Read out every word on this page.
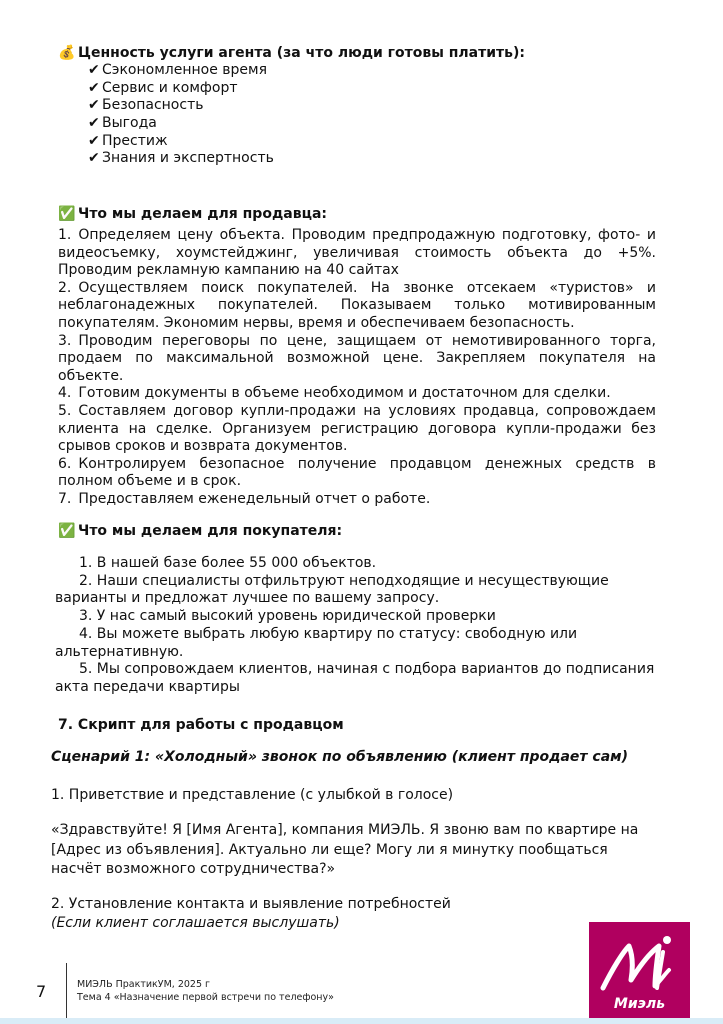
💰 Ценность услуги агента (за что люди готовы платить):
✔ Сэкономленное время
✔ Сервис и комфорт
✔ Безопасность
✔ Выгода
✔ Престиж
✔ Знания и экспертность
✅ Что мы делаем для продавца:
1. Определяем цену объекта. Проводим предпродажную подготовку, фото- и видеосъемку, хоумстейджинг, увеличивая стоимость объекта до +5%. Проводим рекламную кампанию на 40 сайтах
2. Осуществляем поиск покупателей. На звонке отсекаем «туристов» и неблагонадежных покупателей. Показываем только мотивированным покупателям. Экономим нервы, время и обеспечиваем безопасность.
3. Проводим переговоры по цене, защищаем от немотивированного торга, продаем по максимальной возможной цене. Закрепляем покупателя на объекте.
4. Готовим документы в объеме необходимом и достаточном для сделки.
5. Составляем договор купли-продажи на условиях продавца, сопровождаем клиента на сделке. Организуем регистрацию договора купли-продажи без срывов сроков и возврата документов.
6. Контролируем безопасное получение продавцом денежных средств в полном объеме и в срок.
7. Предоставляем еженедельный отчет о работе.
✅ Что мы делаем для покупателя:
1. В нашей базе более 55 000 объектов.
2. Наши специалисты отфильтруют неподходящие и несуществующие варианты и предложат лучшее по вашему запросу.
3. У нас самый высокий уровень юридической проверки
4. Вы можете выбрать любую квартиру по статусу: свободную или альтернативную.
5. Мы сопровождаем клиентов, начиная с подбора вариантов до подписания акта передачи квартиры
7. Скрипт для работы с продавцом
Сценарий 1: «Холодный» звонок по объявлению (клиент продает сам)
1. Приветствие и представление (с улыбкой в голосе)
«Здравствуйте! Я [Имя Агента], компания МИЭЛЬ. Я звоню вам по квартире на [Адрес из объявления]. Актуально ли еще? Могу ли я минутку пообщаться насчёт возможного сотрудничества?»
2. Установление контакта и выявление потребностей
(Если клиент соглашается выслушать)
7	МИЭЛЬ ПрактикУМ, 2025 г
Тема 4 «Назначение первой встречи по телефону»	Миэль
